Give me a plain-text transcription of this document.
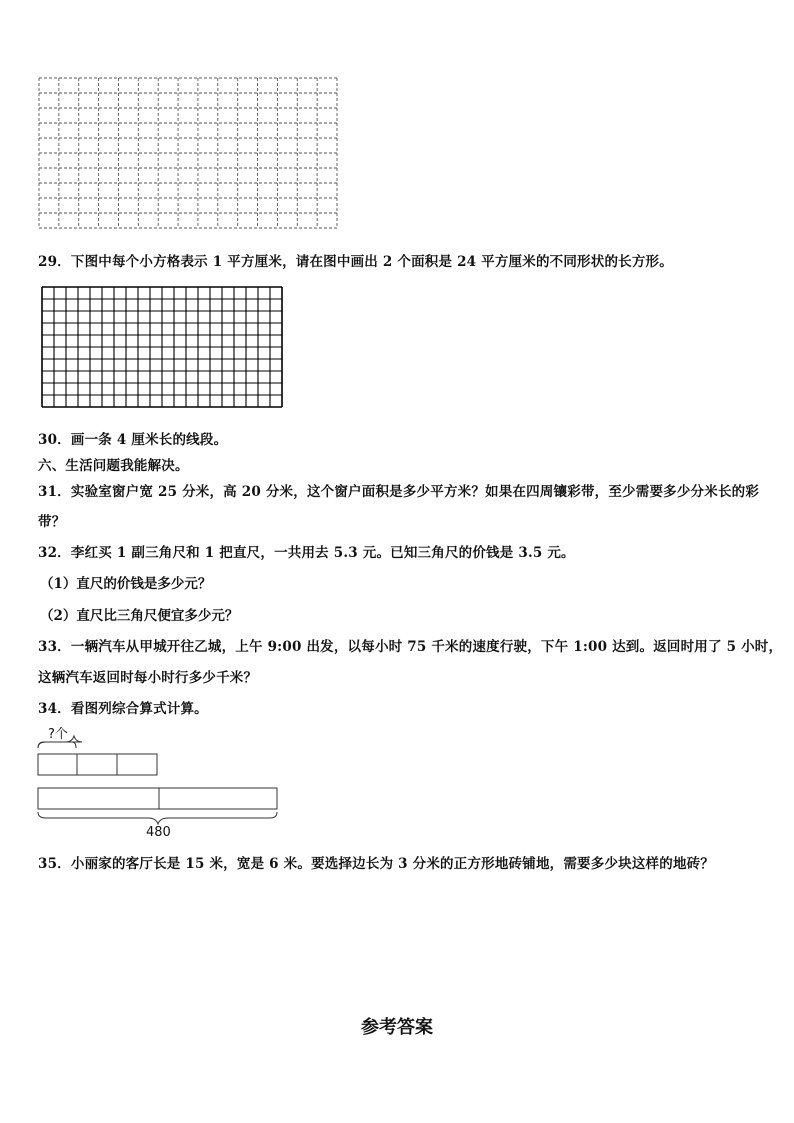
29．下图中每个小方格表示 1 平方厘米，请在图中画出 2 个面积是 24 平方厘米的不同形状的长方形。
30．画一条 4 厘米长的线段。
六、生活问题我能解决。
31．实验室窗户宽 25 分米，高 20 分米，这个窗户面积是多少平方米？如果在四周镶彩带，至少需要多少分米长的彩
带？
32．李红买 1 副三角尺和 1 把直尺，一共用去 5.3 元。已知三角尺的价钱是 3.5 元。
（1）直尺的价钱是多少元？
（2）直尺比三角尺便宜多少元？
33．一辆汽车从甲城开往乙城，上午 9:00 出发，以每小时 75 千米的速度行驶，下午 1:00 达到。返回时用了 5 小时，
这辆汽车返回时每小时行多少千米？
34．看图列综合算式计算。
?个
480
35．小丽家的客厅长是 15 米，宽是 6 米。要选择边长为 3 分米的正方形地砖铺地，需要多少块这样的地砖？
参考答案
